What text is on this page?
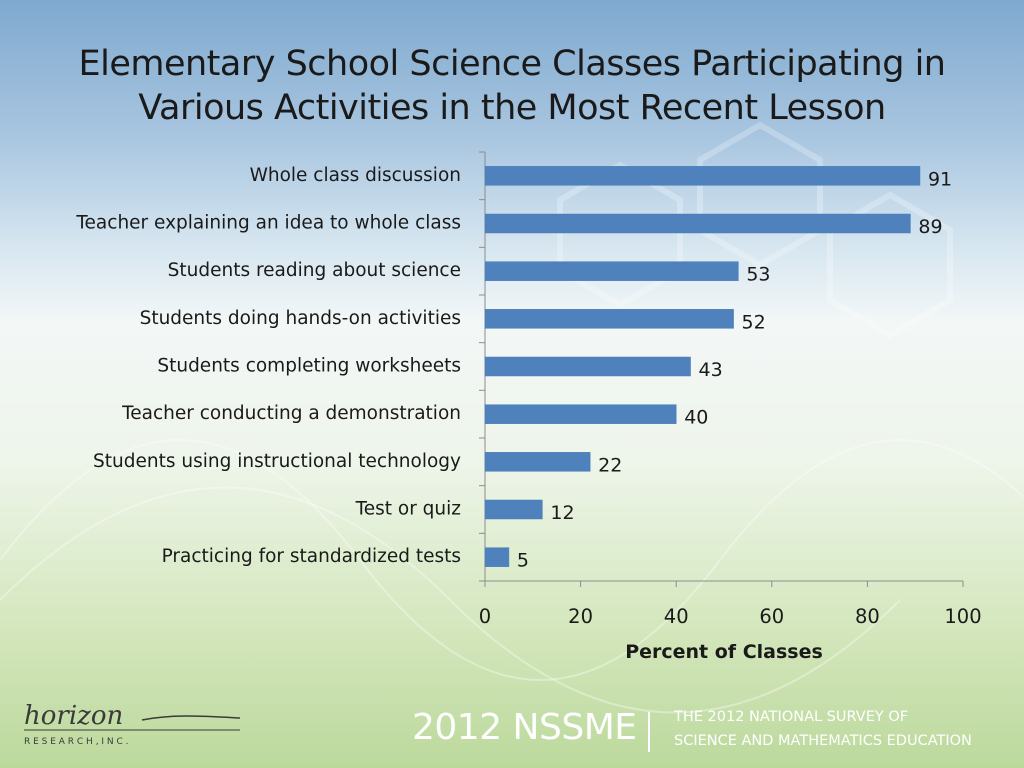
Elementary School Science Classes Participating in
Various Activities in the Most Recent Lesson
Whole class discussion	91
Teacher explaining an idea to whole class	89
Students reading about science	53
Students doing hands-on activities	52
Students completing worksheets	43
Teacher conducting a demonstration	40
Students using instructional technology	22
Test or quiz	12
Practicing for standardized tests	5
0	20	40	60	80	100
Percent of Classes
horizon
R E S E A R C H , I N C .	2012 NSSME	THE 2012 NATIONAL SURVEY OF
SCIENCE AND MATHEMATICS EDUCATION
